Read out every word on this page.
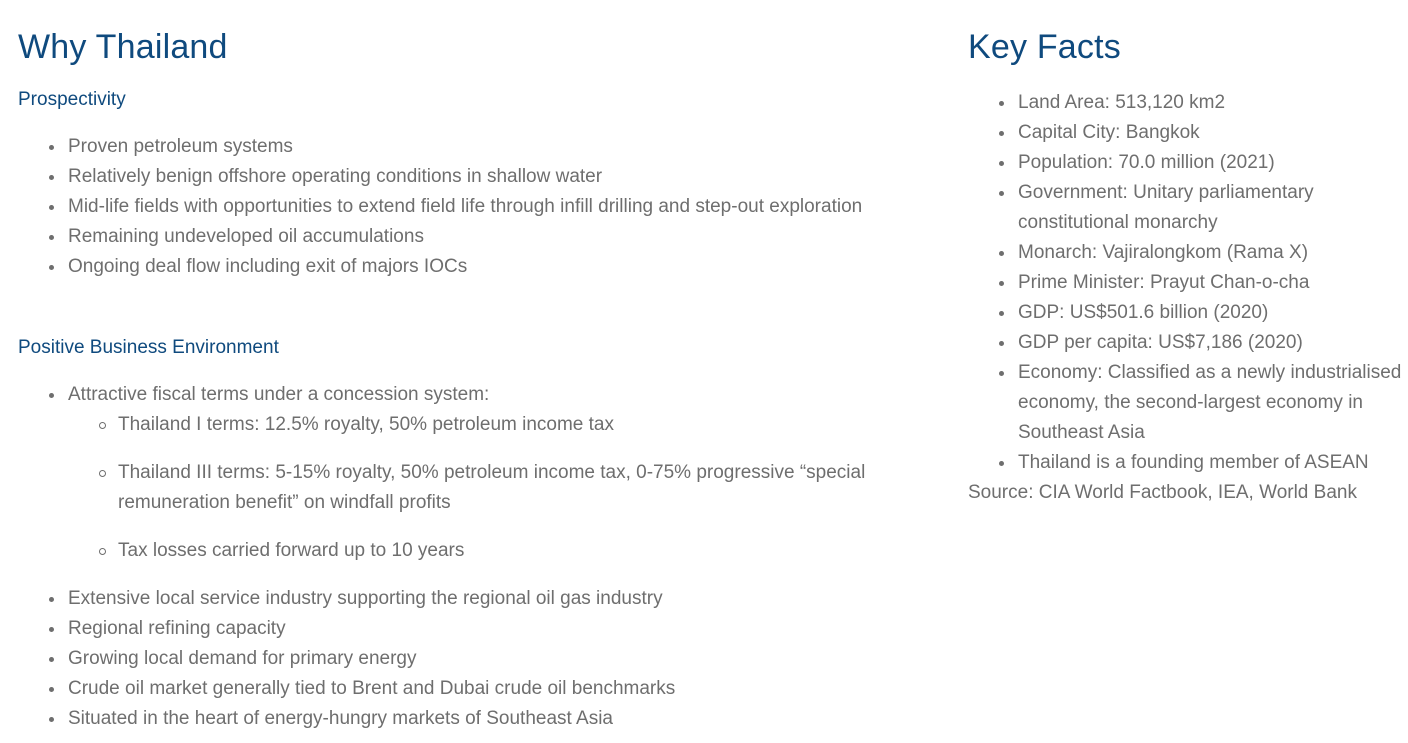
Why Thailand
Prospectivity
Proven petroleum systems
Relatively benign offshore operating conditions in shallow water
Mid-life fields with opportunities to extend field life through infill drilling and step-out exploration
Remaining undeveloped oil accumulations
Ongoing deal flow including exit of majors IOCs
Positive Business Environment
Attractive fiscal terms under a concession system:
Thailand I terms: 12.5% royalty, 50% petroleum income tax
Thailand III terms: 5-15% royalty, 50% petroleum income tax, 0-75% progressive “special remuneration benefit” on windfall profits
Tax losses carried forward up to 10 years
Extensive local service industry supporting the regional oil gas industry
Regional refining capacity
Growing local demand for primary energy
Crude oil market generally tied to Brent and Dubai crude oil benchmarks
Situated in the heart of energy-hungry markets of Southeast Asia
Key Facts
Land Area: 513,120 km2
Capital City: Bangkok
Population: 70.0 million (2021)
Government: Unitary parliamentary constitutional monarchy
Monarch: Vajiralongkom (Rama X)
Prime Minister: Prayut Chan-o-cha
GDP: US$501.6 billion (2020)
GDP per capita: US$7,186 (2020)
Economy: Classified as a newly industrialised economy, the second-largest economy in Southeast Asia
Thailand is a founding member of ASEAN
Source: CIA World Factbook, IEA, World Bank
